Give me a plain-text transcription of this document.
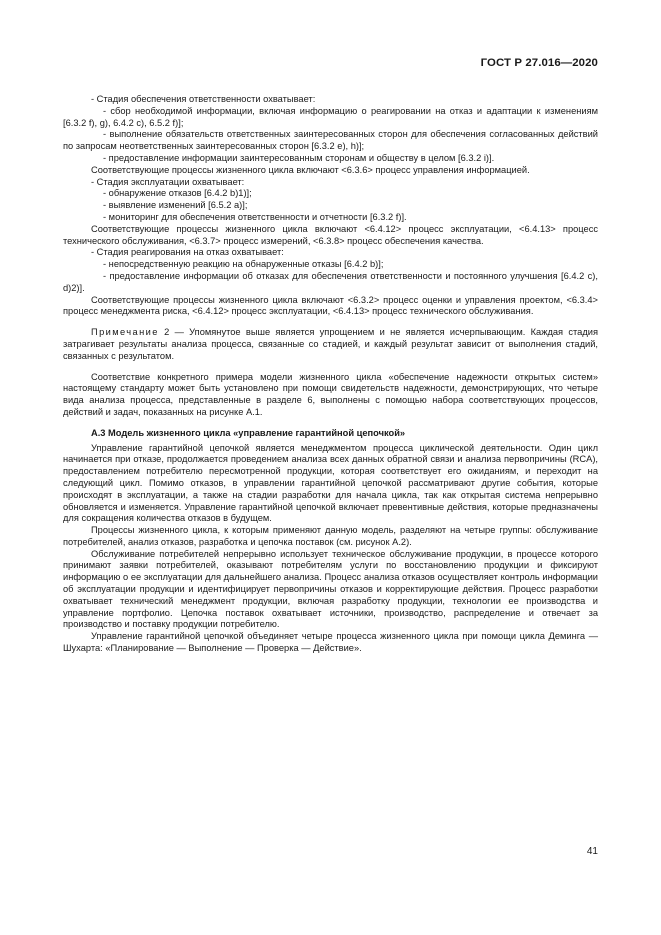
ГОСТ Р 27.016—2020

- Стадия обеспечения ответственности охватывает:

- сбор необходимой информации, включая информацию о реагировании на отказ и адаптации к изменениям [6.3.2 f), g), 6.4.2 c), 6.5.2 f)];

- выполнение обязательств ответственных заинтересованных сторон для обеспечения согласованных действий по запросам неответственных заинтересованных сторон [6.3.2 e), h)];

- предоставление информации заинтересованным сторонам и обществу в целом [6.3.2 i)].

Соответствующие процессы жизненного цикла включают <6.3.6> процесс управления информацией.

- Стадия эксплуатации охватывает:

- обнаружение отказов [6.4.2 b)1)];

- выявление изменений [6.5.2 a)];

- мониторинг для обеспечения ответственности и отчетности [6.3.2 f)].

Соответствующие процессы жизненного цикла включают <6.4.12> процесс эксплуатации, <6.4.13> процесс технического обслуживания, <6.3.7> процесс измерений, <6.3.8> процесс обеспечения качества.

- Стадия реагирования на отказ охватывает:

- непосредственную реакцию на обнаруженные отказы [6.4.2 b)];

- предоставление информации об отказах для обеспечения ответственности и постоянного улучшения [6.4.2 c), d)2)].

Соответствующие процессы жизненного цикла включают <6.3.2> процесс оценки и управления проектом, <6.3.4> процесс менеджмента риска, <6.4.12> процесс эксплуатации, <6.4.13> процесс технического обслуживания.

Примечание 2 — Упомянутое выше является упрощением и не является исчерпывающим. Каждая стадия затрагивает результаты анализа процесса, связанные со стадией, и каждый результат зависит от выполнения стадий, связанных с результатом.

Соответствие конкретного примера модели жизненного цикла «обеспечение надежности открытых систем» настоящему стандарту может быть установлено при помощи свидетельств надежности, демонстрирующих, что четыре вида анализа процесса, представленные в разделе 6, выполнены с помощью набора соответствующих процессов, действий и задач, показанных на рисунке А.1.

А.3 Модель жизненного цикла «управление гарантийной цепочкой»

Управление гарантийной цепочкой является менеджментом процесса циклической деятельности. Один цикл начинается при отказе, продолжается проведением анализа всех данных обратной связи и анализа первопричины (RCA), предоставлением потребителю пересмотренной продукции, которая соответствует его ожиданиям, и переходит на следующий цикл. Помимо отказов, в управлении гарантийной цепочкой рассматривают другие события, которые происходят в эксплуатации, а также на стадии разработки для начала цикла, так как открытая система непрерывно обновляется и изменяется. Управление гарантийной цепочкой включает превентивные действия, которые предназначены для сокращения количества отказов в будущем.

Процессы жизненного цикла, к которым применяют данную модель, разделяют на четыре группы: обслуживание потребителей, анализ отказов, разработка и цепочка поставок (см. рисунок А.2).

Обслуживание потребителей непрерывно использует техническое обслуживание продукции, в процессе которого принимают заявки потребителей, оказывают потребителям услуги по восстановлению продукции и фиксируют информацию о ее эксплуатации для дальнейшего анализа. Процесс анализа отказов осуществляет контроль информации об эксплуатации продукции и идентифицирует первопричины отказов и корректирующие действия. Процесс разработки охватывает технический менеджмент продукции, включая разработку продукции, технологии ее производства и управление портфолио. Цепочка поставок охватывает источники, производство, распределение и отвечает за производство и поставку продукции потребителю.

Управление гарантийной цепочкой объединяет четыре процесса жизненного цикла при помощи цикла Деминга — Шухарта: «Планирование — Выполнение — Проверка — Действие».

41
